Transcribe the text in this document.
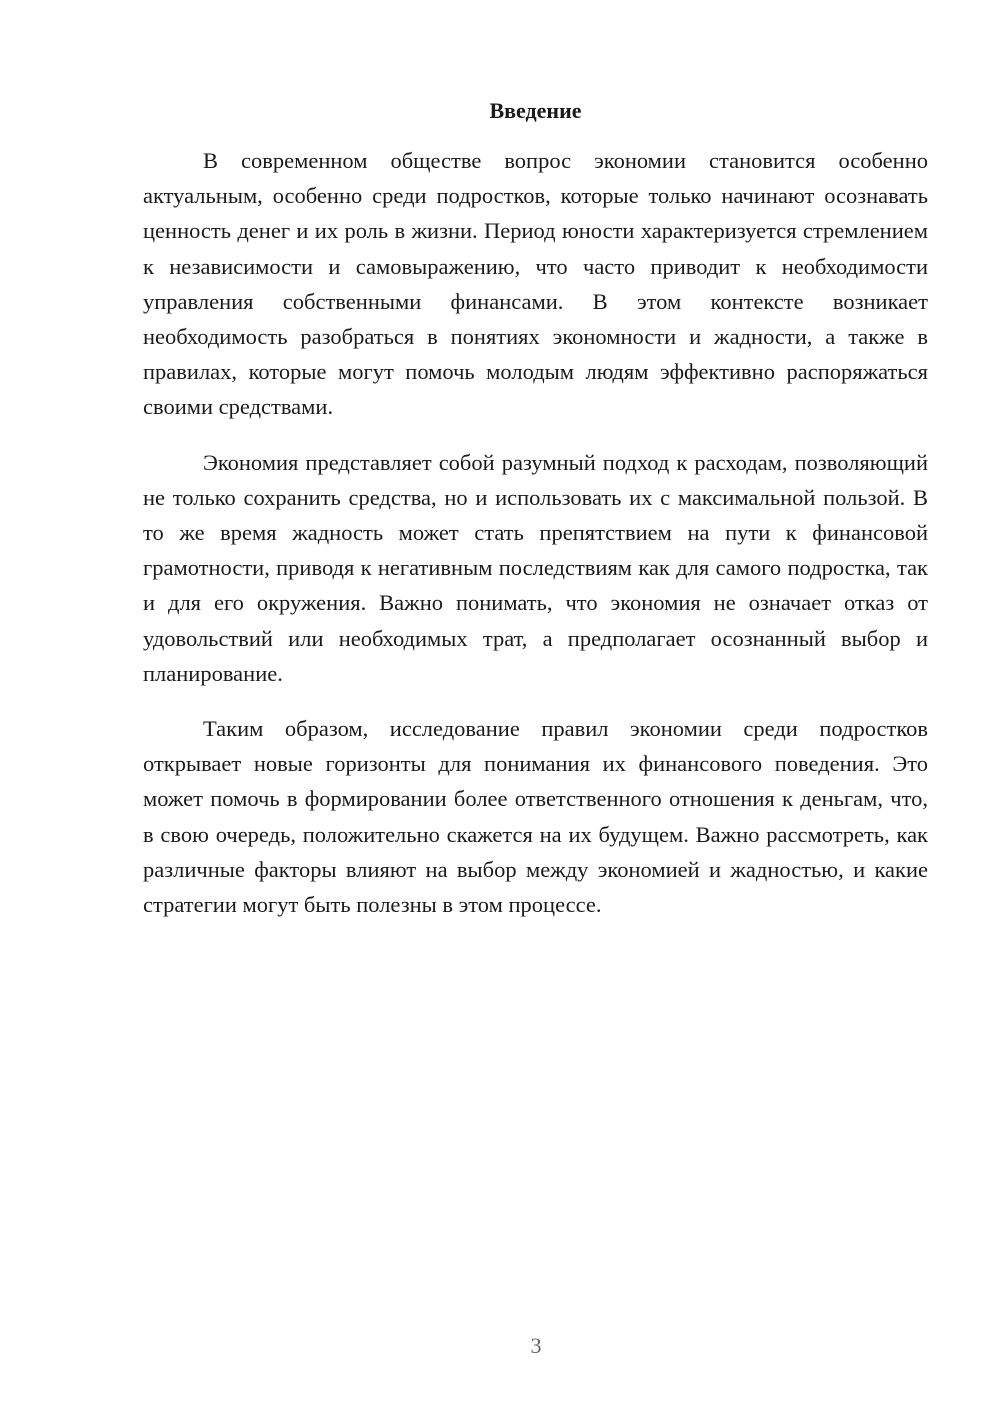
Введение

В современном обществе вопрос экономии становится особенно актуальным, особенно среди подростков, которые только начинают осознавать ценность денег и их роль в жизни. Период юности характеризуется стремлением к независимости и самовыражению, что часто приводит к необходимости управления собственными финансами. В этом контексте возникает необходимость разобраться в понятиях экономности и жадности, а также в правилах, которые могут помочь молодым людям эффективно распоряжаться своими средствами.

Экономия представляет собой разумный подход к расходам, позволяющий не только сохранить средства, но и использовать их с максимальной пользой. В то же время жадность может стать препятствием на пути к финансовой грамотности, приводя к негативным последствиям как для самого подростка, так и для его окружения. Важно понимать, что экономия не означает отказ от удовольствий или необходимых трат, а предполагает осознанный выбор и планирование.

Таким образом, исследование правил экономии среди подростков открывает новые горизонты для понимания их финансового поведения. Это может помочь в формировании более ответственного отношения к деньгам, что, в свою очередь, положительно скажется на их будущем. Важно рассмотреть, как различные факторы влияют на выбор между экономией и жадностью, и какие стратегии могут быть полезны в этом процессе.

3
